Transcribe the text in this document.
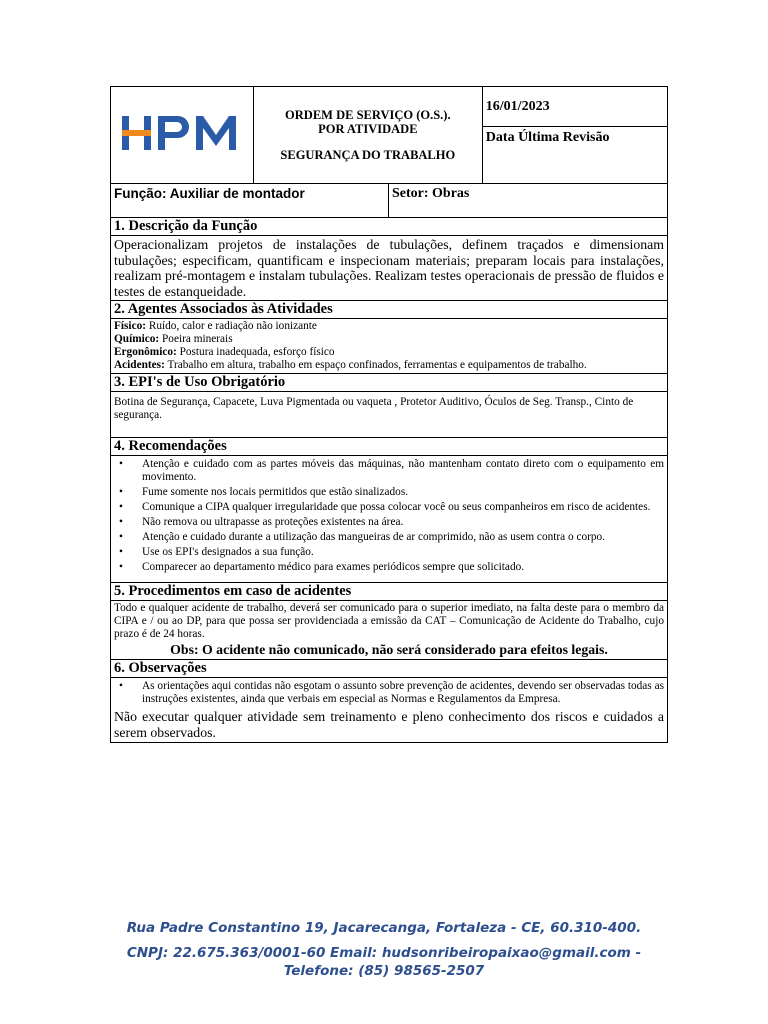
ORDEM DE SERVIÇO (O.S.).
POR ATIVIDADE
SEGURANÇA DO TRABALHO

16/01/2023
Data Última Revisão
Função: Auxiliar de montador	Setor: Obras
1. Descrição da Função
Operacionalizam projetos de instalações de tubulações, definem traçados e dimensionam tubulações; especificam, quantificam e inspecionam materiais; preparam locais para instalações, realizam pré-montagem e instalam tubulações. Realizam testes operacionais de pressão de fluidos e testes de estanqueidade.
2. Agentes Associados às Atividades
Físico: Ruído, calor e radiação não ionizante
Químico: Poeira minerais
Ergonômico: Postura inadequada, esforço físico
Acidentes: Trabalho em altura, trabalho em espaço confinados, ferramentas e equipamentos de trabalho.
3. EPI's de Uso Obrigatório
Botina de Segurança, Capacete, Luva Pigmentada ou vaqueta , Protetor Auditivo, Óculos de Seg. Transp., Cinto de segurança.
4. Recomendações
• Atenção e cuidado com as partes móveis das máquinas, não mantenham contato direto com o equipamento em movimento.
• Fume somente nos locais permitidos que estão sinalizados.
• Comunique a CIPA qualquer irregularidade que possa colocar você ou seus companheiros em risco de acidentes.
• Não remova ou ultrapasse as proteções existentes na área.
• Atenção e cuidado durante a utilização das mangueiras de ar comprimido, não as usem contra o corpo.
• Use os EPI's designados a sua função.
• Comparecer ao departamento médico para exames periódicos sempre que solicitado.
5. Procedimentos em caso de acidentes
Todo e qualquer acidente de trabalho, deverá ser comunicado para o superior imediato, na falta deste para o membro da CIPA e / ou ao DP, para que possa ser providenciada a emissão da CAT – Comunicação de Acidente do Trabalho, cujo prazo é de 24 horas.
Obs: O acidente não comunicado, não será considerado para efeitos legais.
6. Observações
• As orientações aqui contidas não esgotam o assunto sobre prevenção de acidentes, devendo ser observadas todas as instruções existentes, ainda que verbais em especial as Normas e Regulamentos da Empresa.
Não executar qualquer atividade sem treinamento e pleno conhecimento dos riscos e cuidados a serem observados.
Rua Padre Constantino 19, Jacarecanga, Fortaleza - CE, 60.310-400.
CNPJ: 22.675.363/0001-60 Email: hudsonribeiropaixao@gmail.com -
Telefone: (85) 98565-2507
